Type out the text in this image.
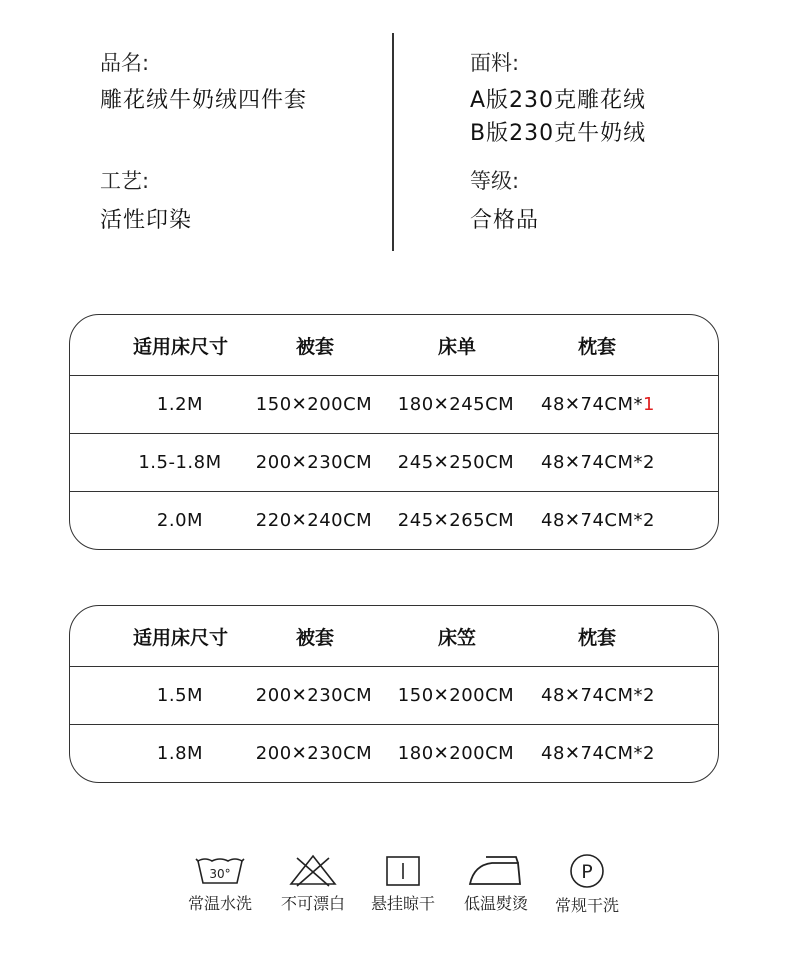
品名:
雕花绒牛奶绒四件套
工艺:
活性印染
面料:
A版230克雕花绒
B版230克牛奶绒
等级:
合格品
适用床尺寸	被套	床单	枕套
1.2M	150✕200CM	180✕245CM	48✕74CM* 1
1.5-1.8M	200✕230CM	245✕250CM	48✕74CM*2
2.0M	220✕240CM	245✕265CM	48✕74CM*2
适用床尺寸	被套	床笠	枕套
1.5M	200✕230CM	150✕200CM	48✕74CM*2
1.8M	200✕230CM	180✕200CM	48✕74CM*2
30°
常温水洗	不可漂白	悬挂晾干	低温熨烫
P
常规干洗
